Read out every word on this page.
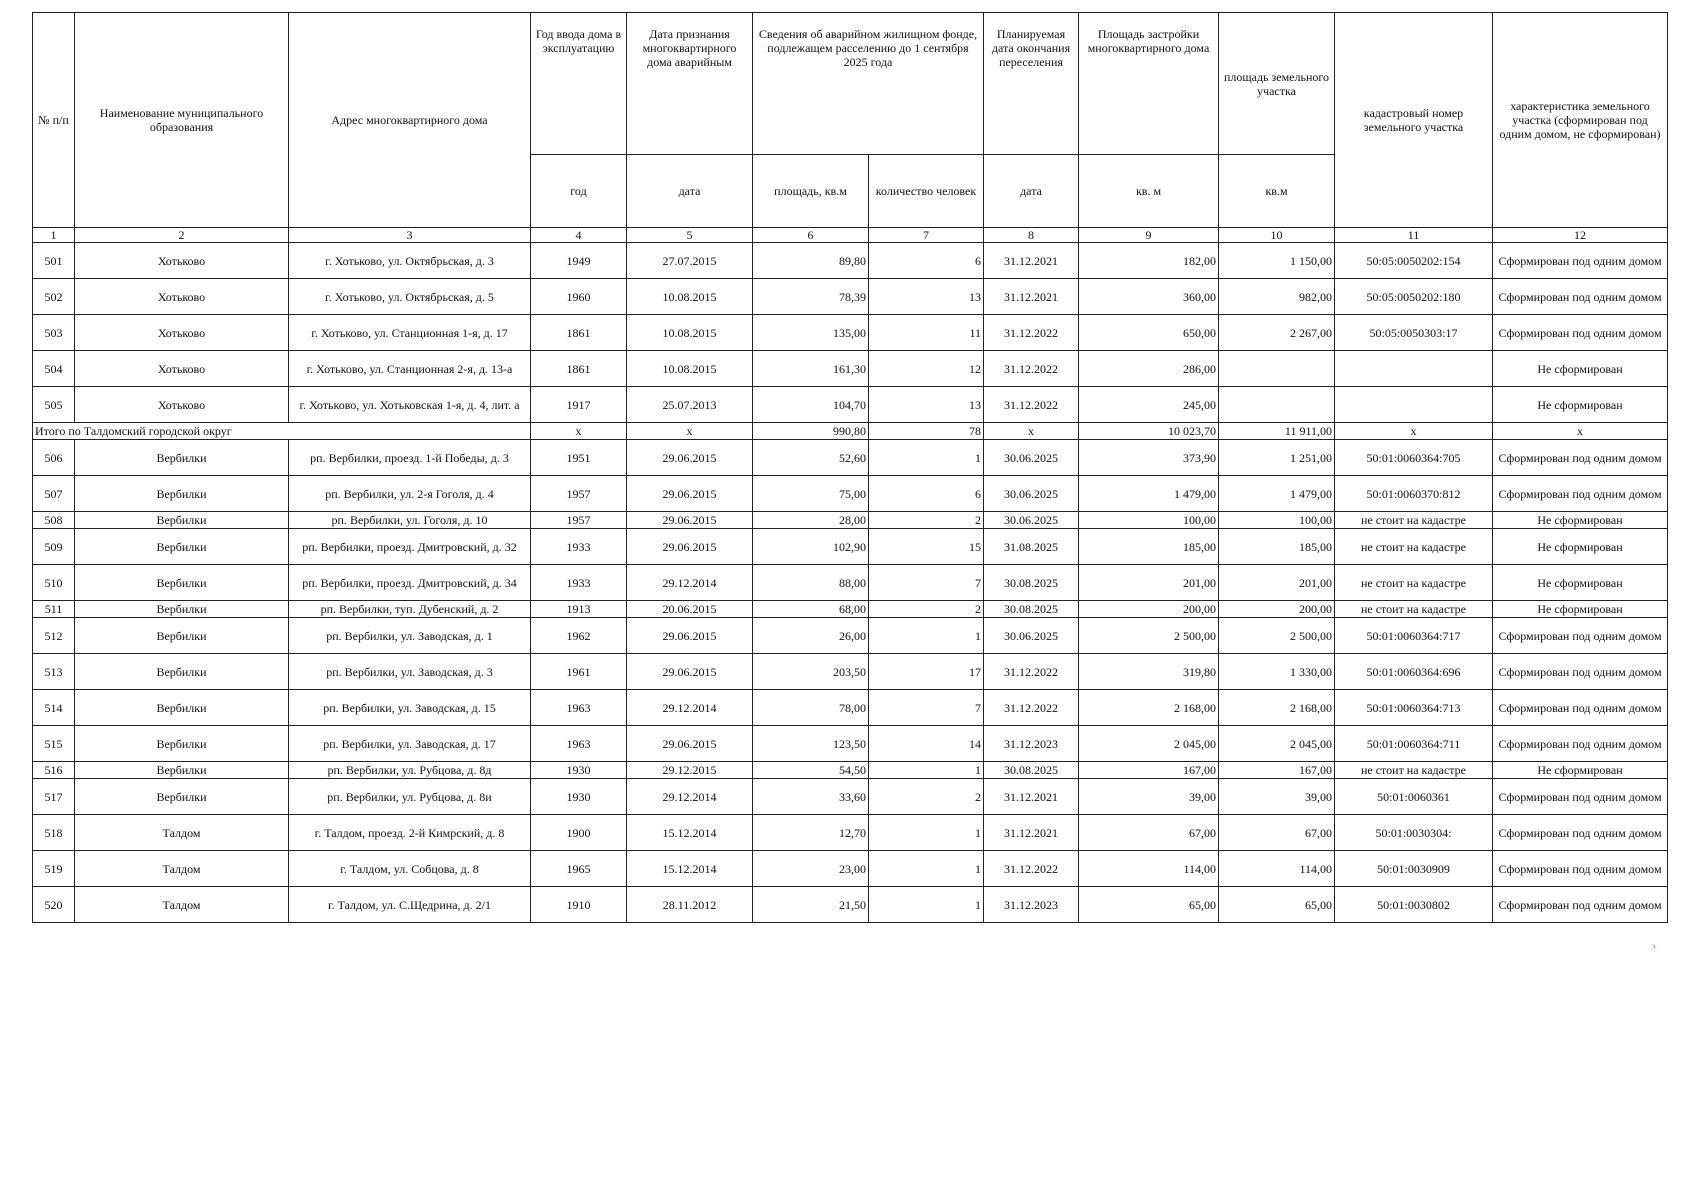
№ п/п	Наименование муниципального образования	Адрес многоквартирного дома	Год ввода дома в эксплуатацию	Дата признания многоквартирного дома аварийным	Сведения об аварийном жилищном фонде, подлежащем расселению до 1 сентября 2025 года		Планируемая дата окончания переселения	Площадь застройки многоквартирного дома	площадь земельного участка	кадастровый номер земельного участка	характеристика земельного участка (сформирован под одним домом, не сформирован)
			год	дата	площадь, кв.м	количество человек	дата	кв. м	кв.м		
1	2	3	4	5	6	7	8	9	10	11	12
501	Хотьково	г. Хотьково, ул. Октябрьская, д. 3	1949	27.07.2015	89,80	6	31.12.2021	182,00	1 150,00	50:05:0050202:154	Сформирован под одним домом
502	Хотьково	г. Хотьково, ул. Октябрьская, д. 5	1960	10.08.2015	78,39	13	31.12.2021	360,00	982,00	50:05:0050202:180	Сформирован под одним домом
503	Хотьково	г. Хотьково, ул. Станционная 1-я, д. 17	1861	10.08.2015	135,00	11	31.12.2022	650,00	2 267,00	50:05:0050303:17	Сформирован под одним домом
504	Хотьково	г. Хотьково, ул. Станционная 2-я, д. 13-а	1861	10.08.2015	161,30	12	31.12.2022	286,00			Не сформирован
505	Хотьково	г. Хотьково, ул. Хотьковская 1-я, д. 4, лит. а	1917	25.07.2013	104,70	13	31.12.2022	245,00			Не сформирован
Итого по Талдомский городской округ			x	x	990,80	78	x	10 023,70	11 911,00	x	x
506	Вербилки	рп. Вербилки, проезд. 1-й Победы, д. 3	1951	29.06.2015	52,60	1	30.06.2025	373,90	1 251,00	50:01:0060364:705	Сформирован под одним домом
507	Вербилки	рп. Вербилки, ул. 2-я Гоголя, д. 4	1957	29.06.2015	75,00	6	30.06.2025	1 479,00	1 479,00	50:01:0060370:812	Сформирован под одним домом
508	Вербилки	рп. Вербилки, ул. Гоголя, д. 10	1957	29.06.2015	28,00	2	30.06.2025	100,00	100,00	не стоит на кадастре	Не сформирован
509	Вербилки	рп. Вербилки, проезд. Дмитровский, д. 32	1933	29.06.2015	102,90	15	31.08.2025	185,00	185,00	не стоит на кадастре	Не сформирован
510	Вербилки	рп. Вербилки, проезд. Дмитровский, д. 34	1933	29.12.2014	88,00	7	30.08.2025	201,00	201,00	не стоит на кадастре	Не сформирован
511	Вербилки	рп. Вербилки, туп. Дубенский, д. 2	1913	20.06.2015	68,00	2	30.08.2025	200,00	200,00	не стоит на кадастре	Не сформирован
512	Вербилки	рп. Вербилки, ул. Заводская, д. 1	1962	29.06.2015	26,00	1	30.06.2025	2 500,00	2 500,00	50:01:0060364:717	Сформирован под одним домом
513	Вербилки	рп. Вербилки, ул. Заводская, д. 3	1961	29.06.2015	203,50	17	31.12.2022	319,80	1 330,00	50:01:0060364:696	Сформирован под одним домом
514	Вербилки	рп. Вербилки, ул. Заводская, д. 15	1963	29.12.2014	78,00	7	31.12.2022	2 168,00	2 168,00	50:01:0060364:713	Сформирован под одним домом
515	Вербилки	рп. Вербилки, ул. Заводская, д. 17	1963	29.06.2015	123,50	14	31.12.2023	2 045,00	2 045,00	50:01:0060364:711	Сформирован под одним домом
516	Вербилки	рп. Вербилки, ул. Рубцова, д. 8д	1930	29.12.2015	54,50	1	30.08.2025	167,00	167,00	не стоит на кадастре	Не сформирован
517	Вербилки	рп. Вербилки, ул. Рубцова, д. 8и	1930	29.12.2014	33,60	2	31.12.2021	39,00	39,00	50:01:0060361	Сформирован под одним домом
518	Талдом	г. Талдом, проезд. 2-й Кимрский, д. 8	1900	15.12.2014	12,70	1	31.12.2021	67,00	67,00	50:01:0030304:	Сформирован под одним домом
519	Талдом	г. Талдом, ул. Собцова, д. 8	1965	15.12.2014	23,00	1	31.12.2022	114,00	114,00	50:01:0030909	Сформирован под одним домом
520	Талдом	г. Талдом, ул. С.Щедрина, д. 2/1	1910	28.11.2012	21,50	1	31.12.2023	65,00	65,00	50:01:0030802	Сформирован под одним домом
э.
